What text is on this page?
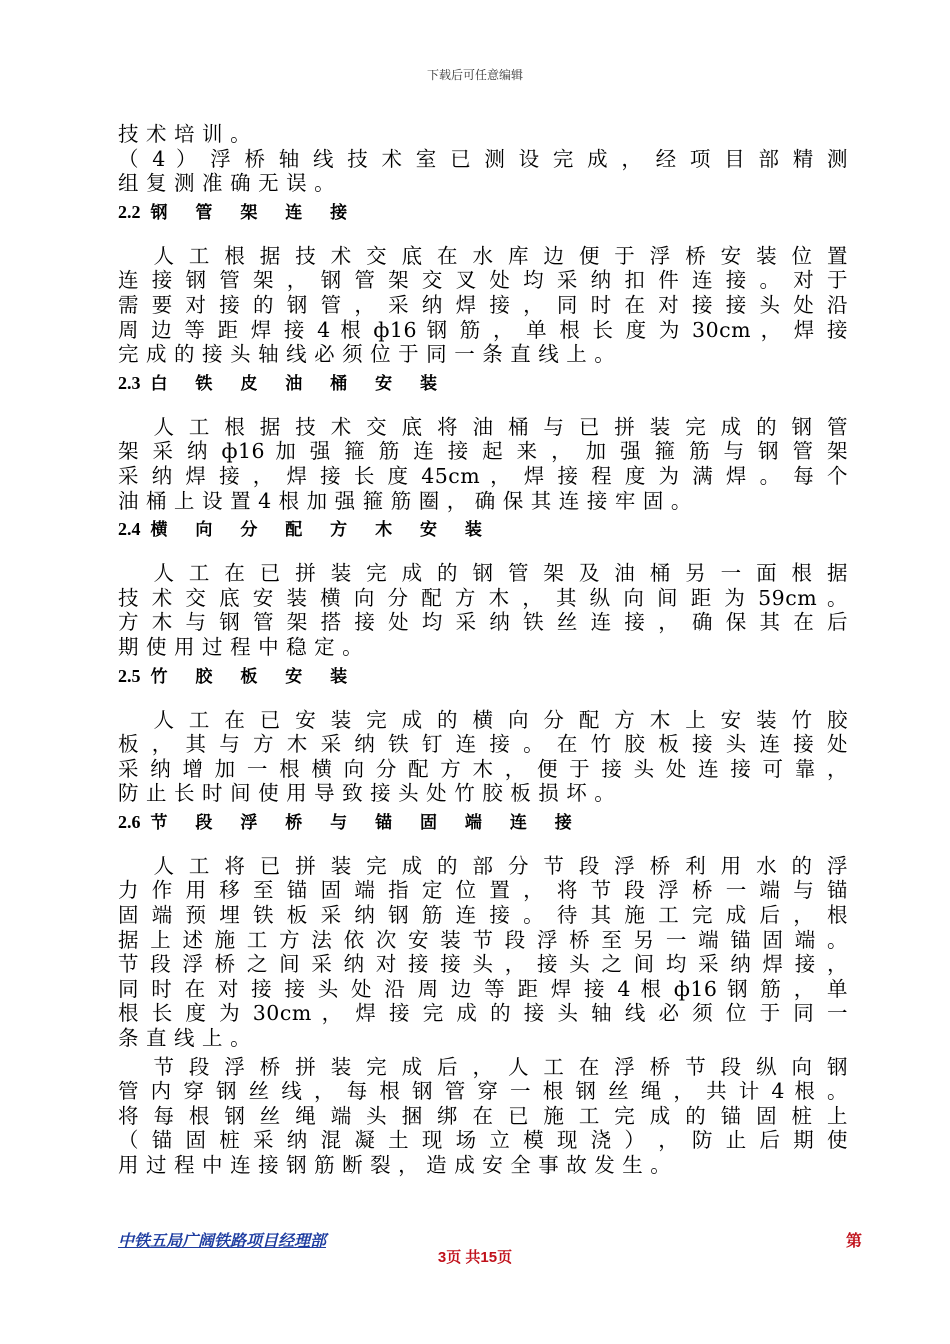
下载后可任意编辑
技 术 培 训 。
（ 4 ） 浮 桥 轴 线 技 术 室 已 测 设 完 成 ， 经 项 目 部 精 测
组 复 测 准 确 无 误 。
2.2 钢 管 架 连 接
　 人 工 根 据 技 术 交 底 在 水 库 边 便 于 浮 桥 安 装 位 置
连 接 钢 管 架 ， 钢 管 架 交 叉 处 均 采 纳 扣 件 连 接 。 对 于
需 要 对 接 的 钢 管 ， 采 纳 焊 接 ， 同 时 在 对 接 接 头 处 沿
周 边 等 距 焊 接 4 根 ф16 钢 筋 ， 单 根 长 度 为 30cm ， 焊 接
完 成 的 接 头 轴 线 必 须 位 于 同 一 条 直 线 上 。
2.3 白 铁 皮 油 桶 安 装
　 人 工 根 据 技 术 交 底 将 油 桶 与 已 拼 装 完 成 的 钢 管
架 采 纳 ф16 加 强 箍 筋 连 接 起 来 ， 加 强 箍 筋 与 钢 管 架
采 纳 焊 接 ， 焊 接 长 度 45cm ， 焊 接 程 度 为 满 焊 。 每 个
油 桶 上 设 置 4 根 加 强 箍 筋 圈 ， 确 保 其 连 接 牢 固 。
2.4 横 向 分 配 方 木 安 装
　 人 工 在 已 拼 装 完 成 的 钢 管 架 及 油 桶 另 一 面 根 据
技 术 交 底 安 装 横 向 分 配 方 木 ， 其 纵 向 间 距 为 59cm 。
方 木 与 钢 管 架 搭 接 处 均 采 纳 铁 丝 连 接 ， 确 保 其 在 后
期 使 用 过 程 中 稳 定 。
2.5 竹 胶 板 安 装
　 人 工 在 已 安 装 完 成 的 横 向 分 配 方 木 上 安 装 竹 胶
板 ， 其 与 方 木 采 纳 铁 钉 连 接 。 在 竹 胶 板 接 头 连 接 处
采 纳 增 加 一 根 横 向 分 配 方 木 ， 便 于 接 头 处 连 接 可 靠 ，
防 止 长 时 间 使 用 导 致 接 头 处 竹 胶 板 损 坏 。
2.6 节 段 浮 桥 与 锚 固 端 连 接
　 人 工 将 已 拼 装 完 成 的 部 分 节 段 浮 桥 利 用 水 的 浮
力 作 用 移 至 锚 固 端 指 定 位 置 ， 将 节 段 浮 桥 一 端 与 锚
固 端 预 埋 铁 板 采 纳 钢 筋 连 接 。 待 其 施 工 完 成 后 ， 根
据 上 述 施 工 方 法 依 次 安 装 节 段 浮 桥 至 另 一 端 锚 固 端 。
节 段 浮 桥 之 间 采 纳 对 接 接 头 ， 接 头 之 间 均 采 纳 焊 接 ，
同 时 在 对 接 接 头 处 沿 周 边 等 距 焊 接 4 根 ф16 钢 筋 ， 单
根 长 度 为 30cm ， 焊 接 完 成 的 接 头 轴 线 必 须 位 于 同 一
条 直 线 上 。
　 节 段 浮 桥 拼 装 完 成 后 ， 人 工 在 浮 桥 节 段 纵 向 钢
管 内 穿 钢 丝 线 ， 每 根 钢 管 穿 一 根 钢 丝 绳 ， 共 计 4 根 。
将 每 根 钢 丝 绳 端 头 捆 绑 在 已 施 工 完 成 的 锚 固 桩 上
（ 锚 固 桩 采 纳 混 凝 土 现 场 立 模 现 浇 ） ， 防 止 后 期 使
用 过 程 中 连 接 钢 筋 断 裂 ， 造 成 安 全 事 故 发 生 。
中铁五局广阔铁路项目经理部	第
3页 共15页
